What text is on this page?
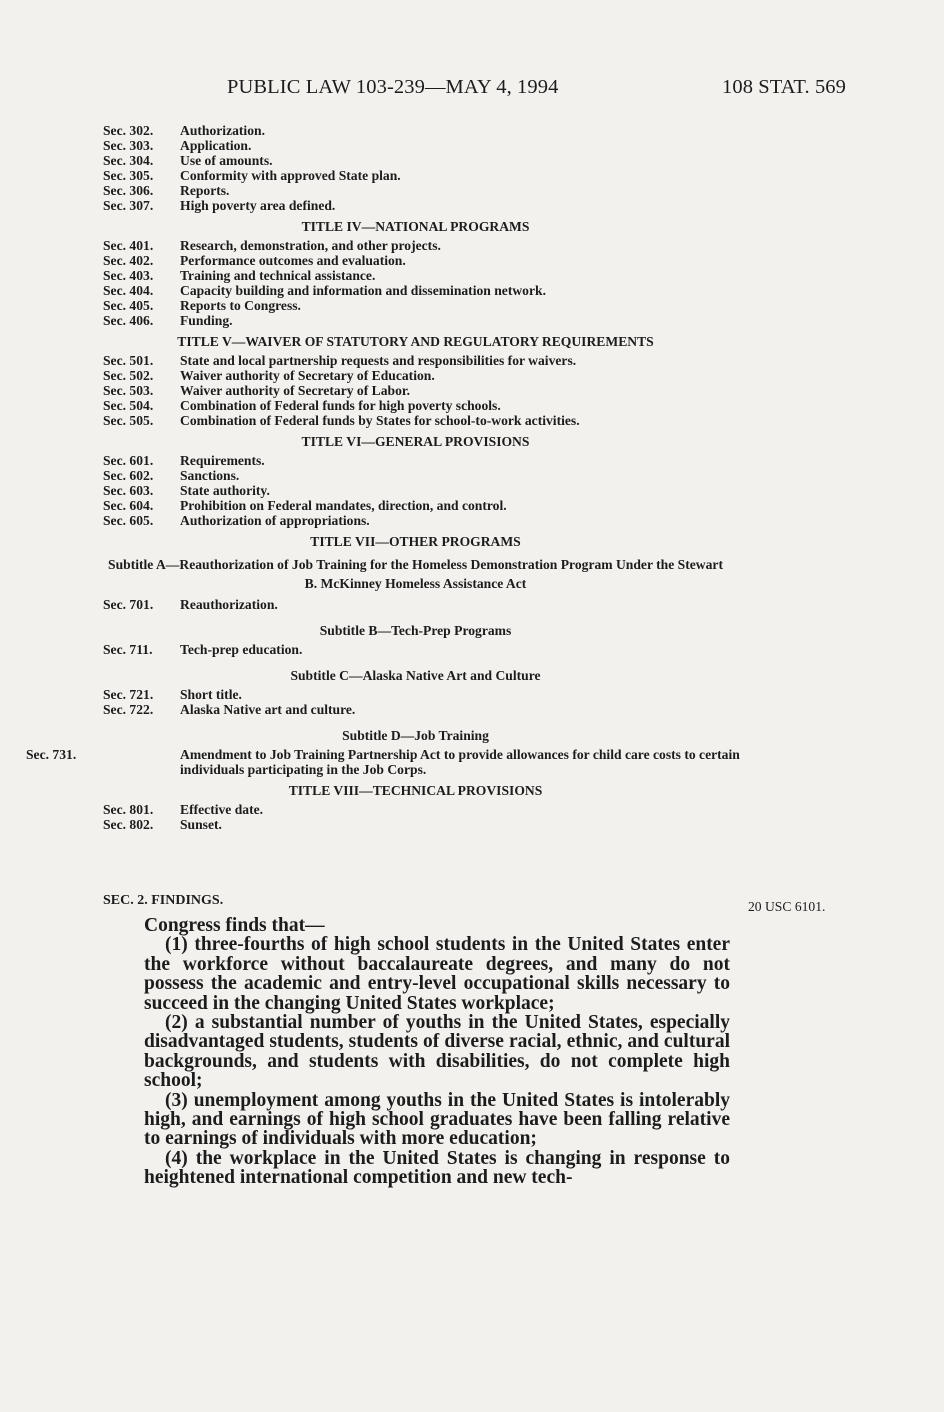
PUBLIC LAW 103-239—MAY 4, 1994	108 STAT. 569
Sec. 302. Authorization.
Sec. 303. Application.
Sec. 304. Use of amounts.
Sec. 305. Conformity with approved State plan.
Sec. 306. Reports.
Sec. 307. High poverty area defined.
TITLE IV—NATIONAL PROGRAMS
Sec. 401. Research, demonstration, and other projects.
Sec. 402. Performance outcomes and evaluation.
Sec. 403. Training and technical assistance.
Sec. 404. Capacity building and information and dissemination network.
Sec. 405. Reports to Congress.
Sec. 406. Funding.
TITLE V—WAIVER OF STATUTORY AND REGULATORY REQUIREMENTS
Sec. 501. State and local partnership requests and responsibilities for waivers.
Sec. 502. Waiver authority of Secretary of Education.
Sec. 503. Waiver authority of Secretary of Labor.
Sec. 504. Combination of Federal funds for high poverty schools.
Sec. 505. Combination of Federal funds by States for school-to-work activities.
TITLE VI—GENERAL PROVISIONS
Sec. 601. Requirements.
Sec. 602. Sanctions.
Sec. 603. State authority.
Sec. 604. Prohibition on Federal mandates, direction, and control.
Sec. 605. Authorization of appropriations.
TITLE VII—OTHER PROGRAMS
Subtitle A—Reauthorization of Job Training for the Homeless Demonstration Program Under the Stewart B. McKinney Homeless Assistance Act
Sec. 701. Reauthorization.
Subtitle B—Tech-Prep Programs
Sec. 711. Tech-prep education.
Subtitle C—Alaska Native Art and Culture
Sec. 721. Short title.
Sec. 722. Alaska Native art and culture.
Subtitle D—Job Training
Sec. 731.	Amendment to Job Training Partnership Act to provide allowances for child care costs to certain individuals participating in the Job Corps.
TITLE VIII—TECHNICAL PROVISIONS
Sec. 801. Effective date.
Sec. 802. Sunset.
SEC. 2. FINDINGS.	20 USC 6101.

Congress finds that—

(1) three-fourths of high school students in the United States enter the workforce without baccalaureate degrees, and many do not possess the academic and entry-level occupational skills necessary to succeed in the changing United States workplace;

(2) a substantial number of youths in the United States, especially disadvantaged students, students of diverse racial, ethnic, and cultural backgrounds, and students with disabilities, do not complete high school;

(3) unemployment among youths in the United States is intolerably high, and earnings of high school graduates have been falling relative to earnings of individuals with more education;

(4) the workplace in the United States is changing in response to heightened international competition and new tech-
